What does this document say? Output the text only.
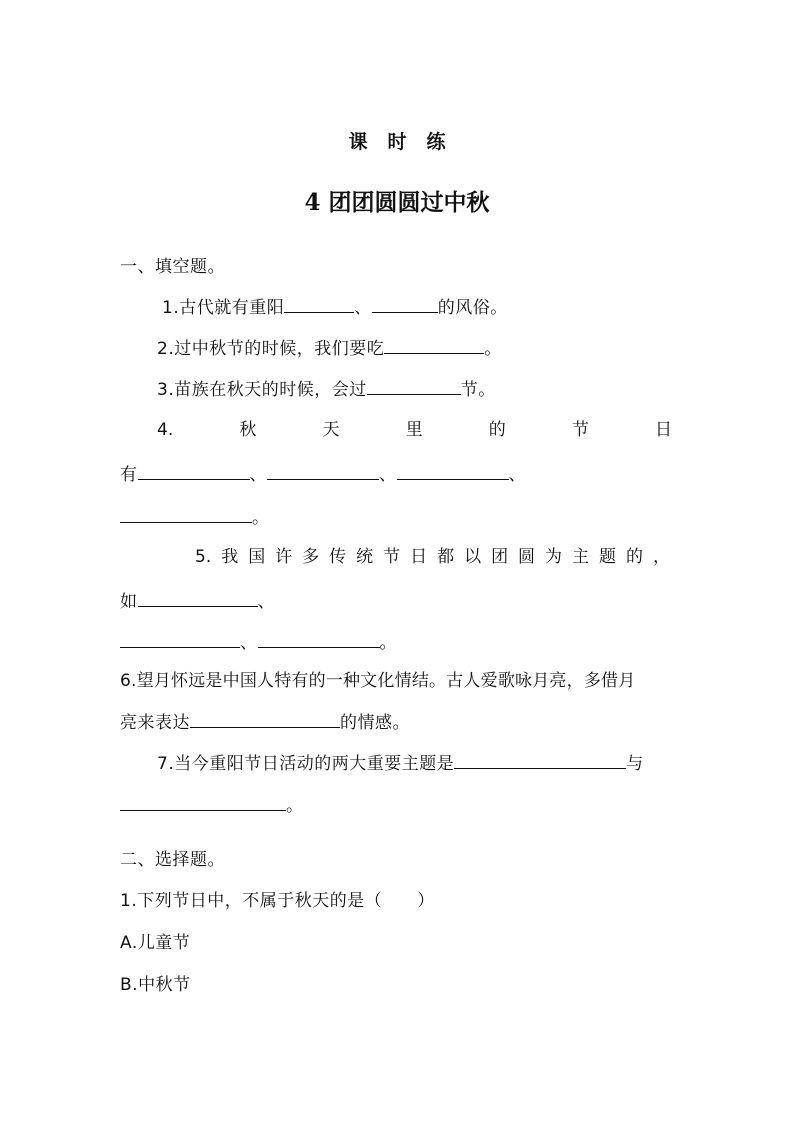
课 时 练
4 团团圆圆过中秋
一、填空题。
1.古代就有重阳	、	的风俗。
2.过中秋节的时候，我们要吃	。
3.苗族在秋天的时候，会过	节。
4.	秋	天	里	的	节	日
有	、	、	、
。
5. 我 国 许 多 传 统 节 日 都 以 团 圆 为 主 题 的 ，
如	、
、	。
6.望月怀远是中国人特有的一种文化情结。古人爱歌咏月亮，多借月
亮来表达	的情感。
7.当今重阳节日活动的两大重要主题是	与
。
二、选择题。
1.下列节日中，不属于秋天的是（　　）
A.儿童节
B.中秋节
